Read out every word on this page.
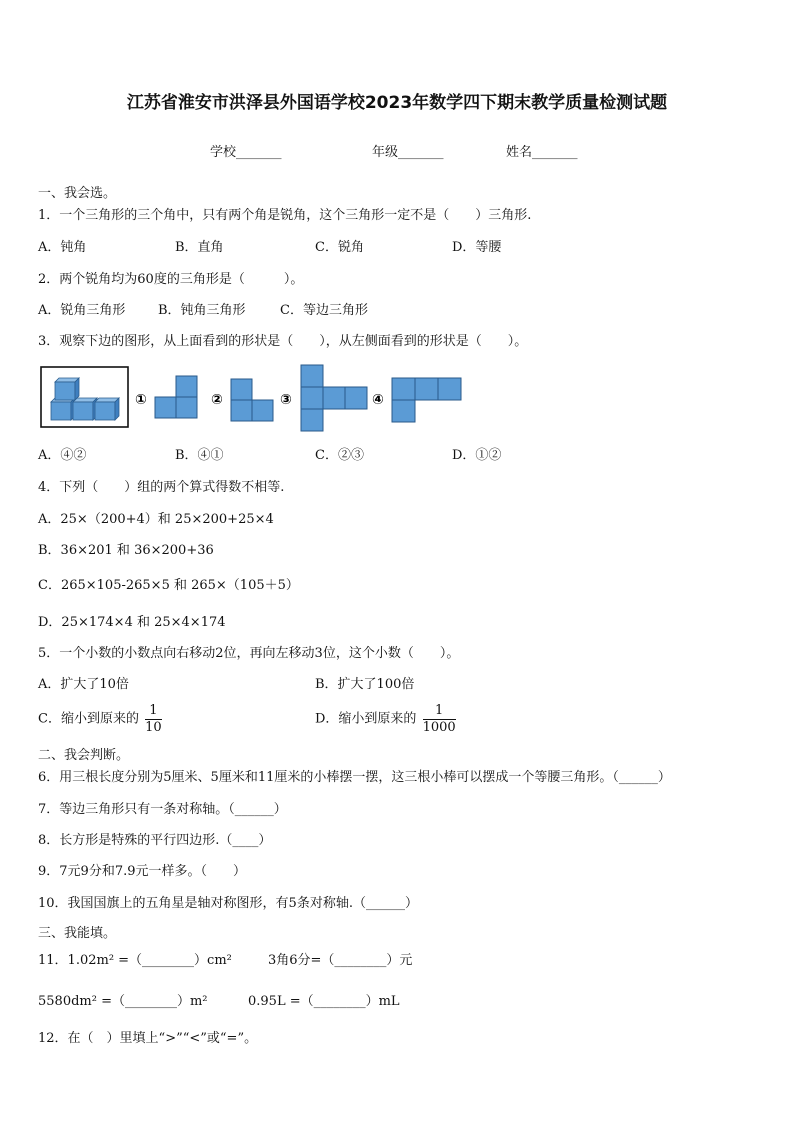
江苏省淮安市洪泽县外国语学校2023年数学四下期末教学质量检测试题
学校_______	年级_______	姓名_______
一、我会选。
1．一个三角形的三个角中，只有两个角是锐角，这个三角形一定不是（　　）三角形.
A．钝角	B．直角	C．锐角	D．等腰
2．两个锐角均为60度的三角形是（　　　）。
A．锐角三角形	B．钝角三角形	C．等边三角形
3．观察下边的图形，从上面看到的形状是（　　），从左侧面看到的形状是（　　）。
①	②	③	④
A．④②	B．④①	C．②③	D．①②
4．下列（　　）组的两个算式得数不相等.
A．25×（200+4）和 25×200+25×4
B．36×201 和 36×200+36
C．265×105-265×5 和 265×（105＋5）
D．25×174×4 和 25×4×174
5．一个小数的小数点向右移动2位，再向左移动3位，这个小数（　　）。
A．扩大了10倍	B．扩大了100倍
C．缩小到原来的 $\frac{1}{10}$	D．缩小到原来的 $\frac{1}{1000}$
二、我会判断。
6．用三根长度分别为5厘米、5厘米和11厘米的小棒摆一摆，这三根小棒可以摆成一个等腰三角形。（______）
7．等边三角形只有一条对称轴。（______）
8．长方形是特殊的平行四边形.（____）
9．7元9分和7.9元一样多。（　　）
10．我国国旗上的五角星是轴对称图形，有5条对称轴.（______）
三、我能填。
11．1.02m² =（________）cm²	3角6分=（________）元
5580dm² =（________）m²	0.95L =（________）mL
12．在（　）里填上“>”“<”或“=”。
